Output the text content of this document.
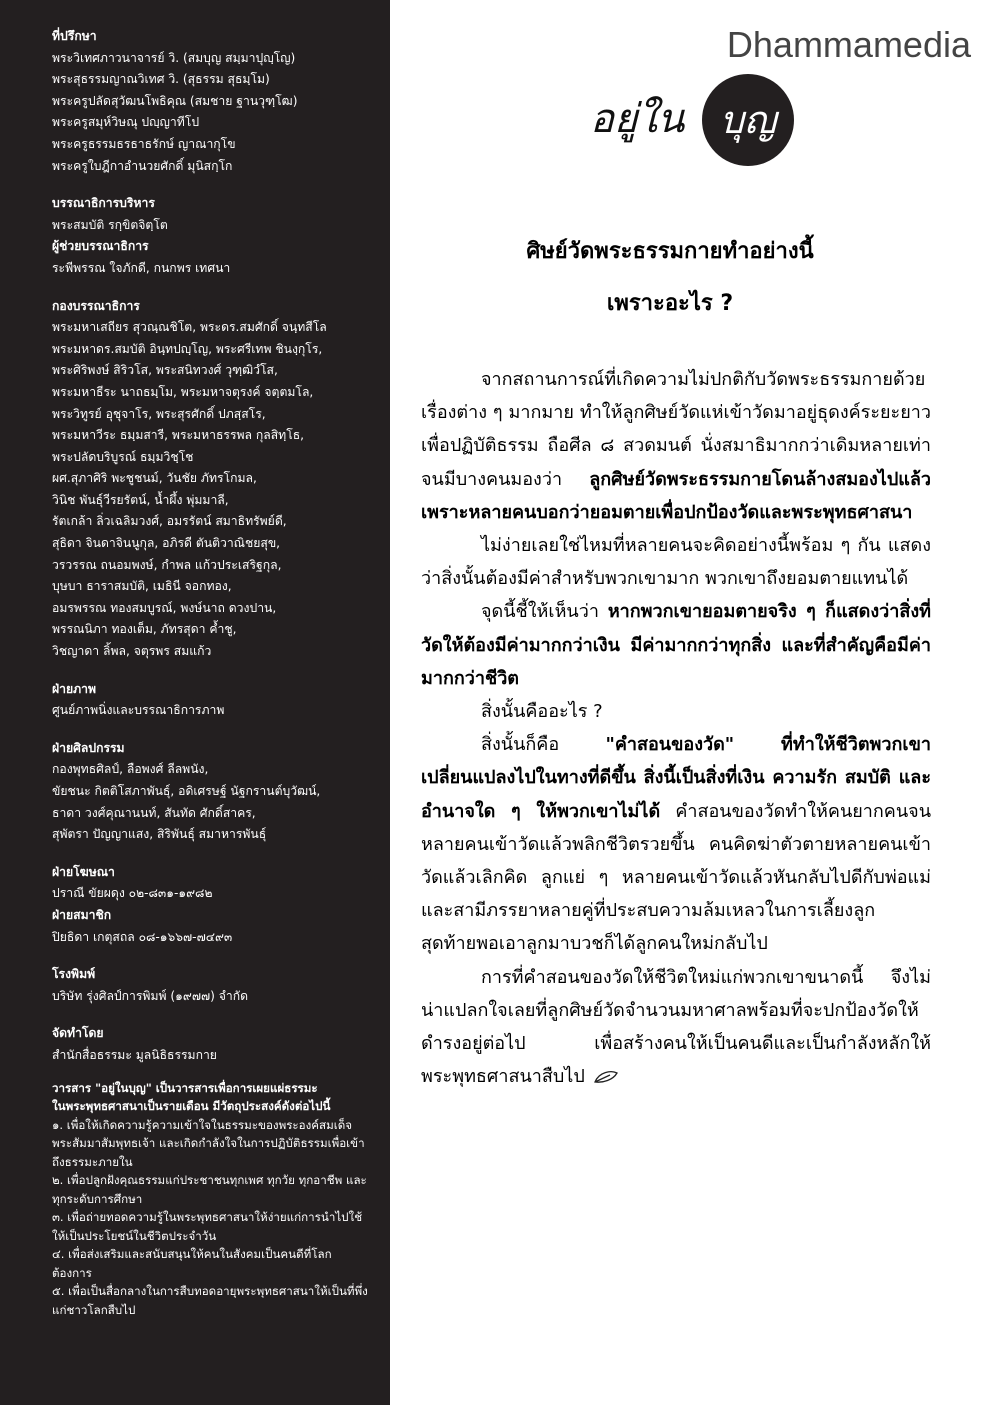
ที่ปรึกษา
พระวิเทศภาวนาจารย์ วิ. (สมบุญ สมฺมาปุญฺโญ)
พระสุธรรมญาณวิเทศ วิ. (สุธรรม สุธมฺโม)
พระครูปลัดสุวัฒนโพธิคุณ (สมชาย ฐานวุฑฺโฒ)
พระครูสมุห์วิษณุ ปญฺญาทีโป
พระครูธรรมธรธาธรักษ์ ญาณากุโข
พระครูใบฎีกาอำนวยศักดิ์ มุนิสกฺโก
บรรณาธิการบริหาร
พระสมบัติ รกฺขิตจิตฺโต
ผู้ช่วยบรรณาธิการ
ระพีพรรณ ใจภักดี, กนกพร เทศนา
กองบรรณาธิการ
พระมหาเสถียร สุวณฺณชิโต, พระดร.สมศักดิ์ จนฺทสีโล
พระมหาดร.สมบัติ อินฺทปญฺโญ, พระศรีเทพ ชินงฺกุโร,
พระศิริพงษ์ สิริวโส, พระสนิทวงศ์ วุฑฺฒิวํโส,
พระมหาธีระ นาถธมฺโม, พระมหาจตุรงค์ จตฺตมโล,
พระวิทูรย์ อุชุจาโร, พระสุรศักดิ์ ปภสฺสโร,
พระมหาวีระ ธมฺมสารี, พระมหาธรรพล กุลสิทฺโธ,
พระปลัดบริบูรณ์ ธมฺมวิชฺโช
ผศ.สุภาศิริ พะชูชนม์, วันชัย ภัทรโกมล,
วินิช พันธุ์วีรยรัตน์, น้ำผึ้ง พุ่มมาลี,
รัตเกล้า ลิ่วเฉลิมวงศ์, อมรรัตน์ สมาธิทรัพย์ดี,
สุธิดา จินดาจินนูกุล, อภิรดี ตันติวาณิชยสุข,
วรวรรณ ถนอมพงษ์, กำพล แก้วประเสริฐกุล,
บุษบา ธาราสมบัติ, เมธินี จอกทอง,
อมรพรรณ ทองสมบูรณ์, พงษ์นาถ ดวงปาน,
พรรณนิภา ทองเต็ม, ภัทรสุดา ค้ำชู,
วิชญาดา ลิ้พล, จตุรพร สมแก้ว
ฝ่ายภาพ
ศูนย์ภาพนิ่งและบรรณาธิการภาพ
ฝ่ายศิลปกรรม
กองพุทธศิลป์, ลือพงศ์ ลีลพนัง,
ขัยชนะ กิตติโสภาพันธุ์, อดิเศรษฐ์ นัฐกรานต์บุวัฒน์,
ธาดา วงศ์คุณานนท์, สันทัด ศักดิ์สาคร,
สุพัตรา ปัญญาแสง, สิริพันธุ์ สมาหารพันธุ์
ฝ่ายโฆษณา
ปราณี ขัยผดุง ๐๒-๘๓๑-๑๙๘๒
ฝ่ายสมาชิก
ปิยธิดา เกตุสถล ๐๘-๑๖๖๗-๗๔๙๓
โรงพิมพ์
บริษัท รุ่งศิลป์การพิมพ์ (๑๙๗๗) จำกัด
จัดทำโดย
สำนักสื่อธรรมะ มูลนิธิธรรมกาย
วารสาร "อยู่ในบุญ" เป็นวารสารเพื่อการเผยแผ่ธรรมะ
ในพระพุทธศาสนาเป็นรายเดือน มีวัตถุประสงค์ดังต่อไปนี้
๑. เพื่อให้เกิดความรู้ความเข้าใจในธรรมะของพระองค์สมเด็จพระสัมมาสัมพุทธเจ้า และเกิดกำลังใจในการปฏิบัติธรรมเพื่อเข้าถึงธรรมะภายใน
๒. เพื่อปลูกฝังคุณธรรมแก่ประชาชนทุกเพศ ทุกวัย ทุกอาชีพ และทุกระดับการศึกษา
๓. เพื่อถ่ายทอดความรู้ในพระพุทธศาสนาให้ง่ายแก่การนำไปใช้ให้เป็นประโยชน์ในชีวิตประจำวัน
๔. เพื่อส่งเสริมและสนับสนุนให้คนในสังคมเป็นคนดีที่โลกต้องการ
๕. เพื่อเป็นสื่อกลางในการสืบทอดอายุพระพุทธศาสนาให้เป็นที่พึ่งแก่ชาวโลกสืบไป
Dhammamedia
อยู่ใน บุญ
ศิษย์วัดพระธรรมกายทำอย่างนี้
เพราะอะไร ?

จากสถานการณ์ที่เกิดความไม่ปกติกับวัดพระธรรมกายด้วยเรื่องต่าง ๆ มากมาย ทำให้ลูกศิษย์วัดแห่เข้าวัดมาอยู่ธุดงค์ระยะยาว เพื่อปฏิบัติธรรม ถือศีล ๘ สวดมนต์ นั่งสมาธิมากกว่าเดิมหลายเท่า จนมีบางคนมองว่า ลูกศิษย์วัดพระธรรมกายโดนล้างสมองไปแล้ว เพราะหลายคนบอกว่ายอมตายเพื่อปกป้องวัดและพระพุทธศาสนา

ไม่ง่ายเลยใช่ไหมที่หลายคนจะคิดอย่างนี้พร้อม ๆ กัน แสดงว่าสิ่งนั้นต้องมีค่าสำหรับพวกเขามาก พวกเขาถึงยอมตายแทนได้

จุดนี้ชี้ให้เห็นว่า หากพวกเขายอมตายจริง ๆ ก็แสดงว่าสิ่งที่วัดให้ต้องมีค่ามากกว่าเงิน มีค่ามากกว่าทุกสิ่ง และที่สำคัญคือมีค่ามากกว่าชีวิต

สิ่งนั้นคืออะไร ?

สิ่งนั้นก็คือ "คำสอนของวัด" ที่ทำให้ชีวิตพวกเขาเปลี่ยนแปลงไปในทางที่ดีขึ้น สิ่งนี้เป็นสิ่งที่เงิน ความรัก สมบัติ และอำนาจใด ๆ ให้พวกเขาไม่ได้ คำสอนของวัดทำให้คนยากคนจนหลายคนเข้าวัดแล้วพลิกชีวิตรวยขึ้น คนคิดฆ่าตัวตายหลายคนเข้าวัดแล้วเลิกคิด ลูกแย่ ๆ หลายคนเข้าวัดแล้วหันกลับไปดีกับพ่อแม่ และสามีภรรยาหลายคู่ที่ประสบความล้มเหลวในการเลี้ยงลูก สุดท้ายพอเอาลูกมาบวชก็ได้ลูกคนใหม่กลับไป

การที่คำสอนของวัดให้ชีวิตใหม่แก่พวกเขาขนาดนี้ จึงไม่น่าแปลกใจเลยที่ลูกศิษย์วัดจำนวนมหาศาลพร้อมที่จะปกป้องวัดให้ดำรงอยู่ต่อไป เพื่อสร้างคนให้เป็นคนดีและเป็นกำลังหลักให้พระพุทธศาสนาสืบไป
